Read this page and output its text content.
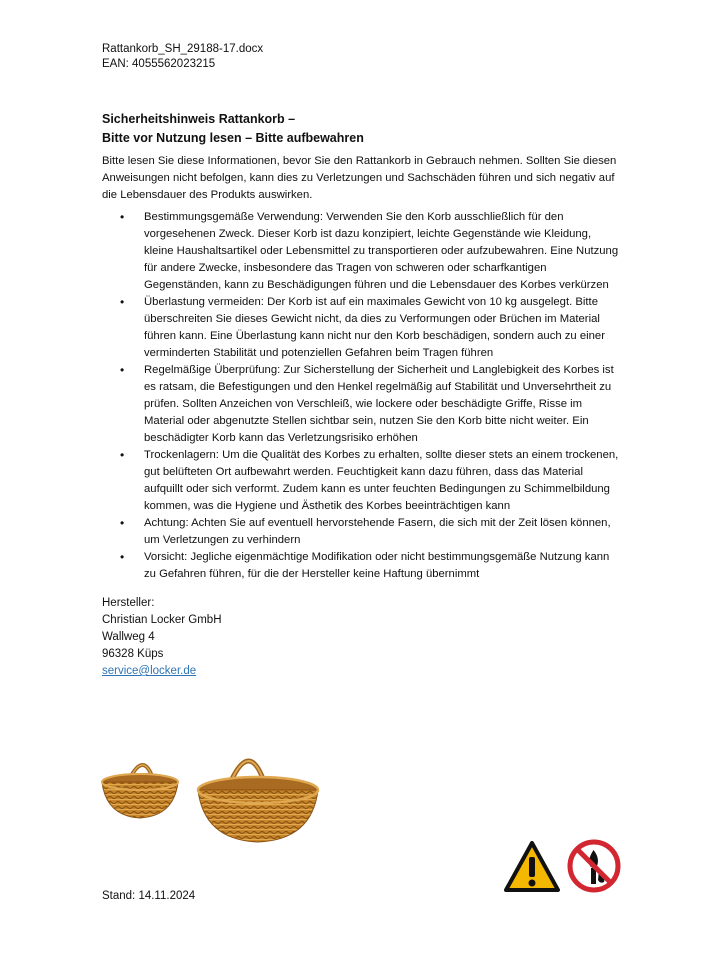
Rattankorb_SH_29188-17.docx
EAN: 4055562023215
Sicherheitshinweis Rattankorb –
Bitte vor Nutzung lesen – Bitte aufbewahren
Bitte lesen Sie diese Informationen, bevor Sie den Rattankorb in Gebrauch nehmen. Sollten Sie diesen Anweisungen nicht befolgen, kann dies zu Verletzungen und Sachschäden führen und sich negativ auf die Lebensdauer des Produkts auswirken.
• Bestimmungsgemäße Verwendung: Verwenden Sie den Korb ausschließlich für den vorgesehenen Zweck. Dieser Korb ist dazu konzipiert, leichte Gegenstände wie Kleidung, kleine Haushaltsartikel oder Lebensmittel zu transportieren oder aufzubewahren. Eine Nutzung für andere Zwecke, insbesondere das Tragen von schweren oder scharfkantigen Gegenständen, kann zu Beschädigungen führen und die Lebensdauer des Korbes verkürzen
• Überlastung vermeiden: Der Korb ist auf ein maximales Gewicht von 10 kg ausgelegt. Bitte überschreiten Sie dieses Gewicht nicht, da dies zu Verformungen oder Brüchen im Material führen kann. Eine Überlastung kann nicht nur den Korb beschädigen, sondern auch zu einer verminderten Stabilität und potenziellen Gefahren beim Tragen führen
• Regelmäßige Überprüfung: Zur Sicherstellung der Sicherheit und Langlebigkeit des Korbes ist es ratsam, die Befestigungen und den Henkel regelmäßig auf Stabilität und Unversehrtheit zu prüfen. Sollten Anzeichen von Verschleiß, wie lockere oder beschädigte Griffe, Risse im Material oder abgenutzte Stellen sichtbar sein, nutzen Sie den Korb bitte nicht weiter. Ein beschädigter Korb kann das Verletzungsrisiko erhöhen
• Trockenlagern: Um die Qualität des Korbes zu erhalten, sollte dieser stets an einem trockenen, gut belüfteten Ort aufbewahrt werden. Feuchtigkeit kann dazu führen, dass das Material aufquillt oder sich verformt. Zudem kann es unter feuchten Bedingungen zu Schimmelbildung kommen, was die Hygiene und Ästhetik des Korbes beeinträchtigen kann
• Achtung: Achten Sie auf eventuell hervorstehende Fasern, die sich mit der Zeit lösen können, um Verletzungen zu verhindern
• Vorsicht: Jegliche eigenmächtige Modifikation oder nicht bestimmungsgemäße Nutzung kann zu Gefahren führen, für die der Hersteller keine Haftung übernimmt
Hersteller:
Christian Locker GmbH
Wallweg 4
96328 Küps
service@locker.de
Stand: 14.11.2024
